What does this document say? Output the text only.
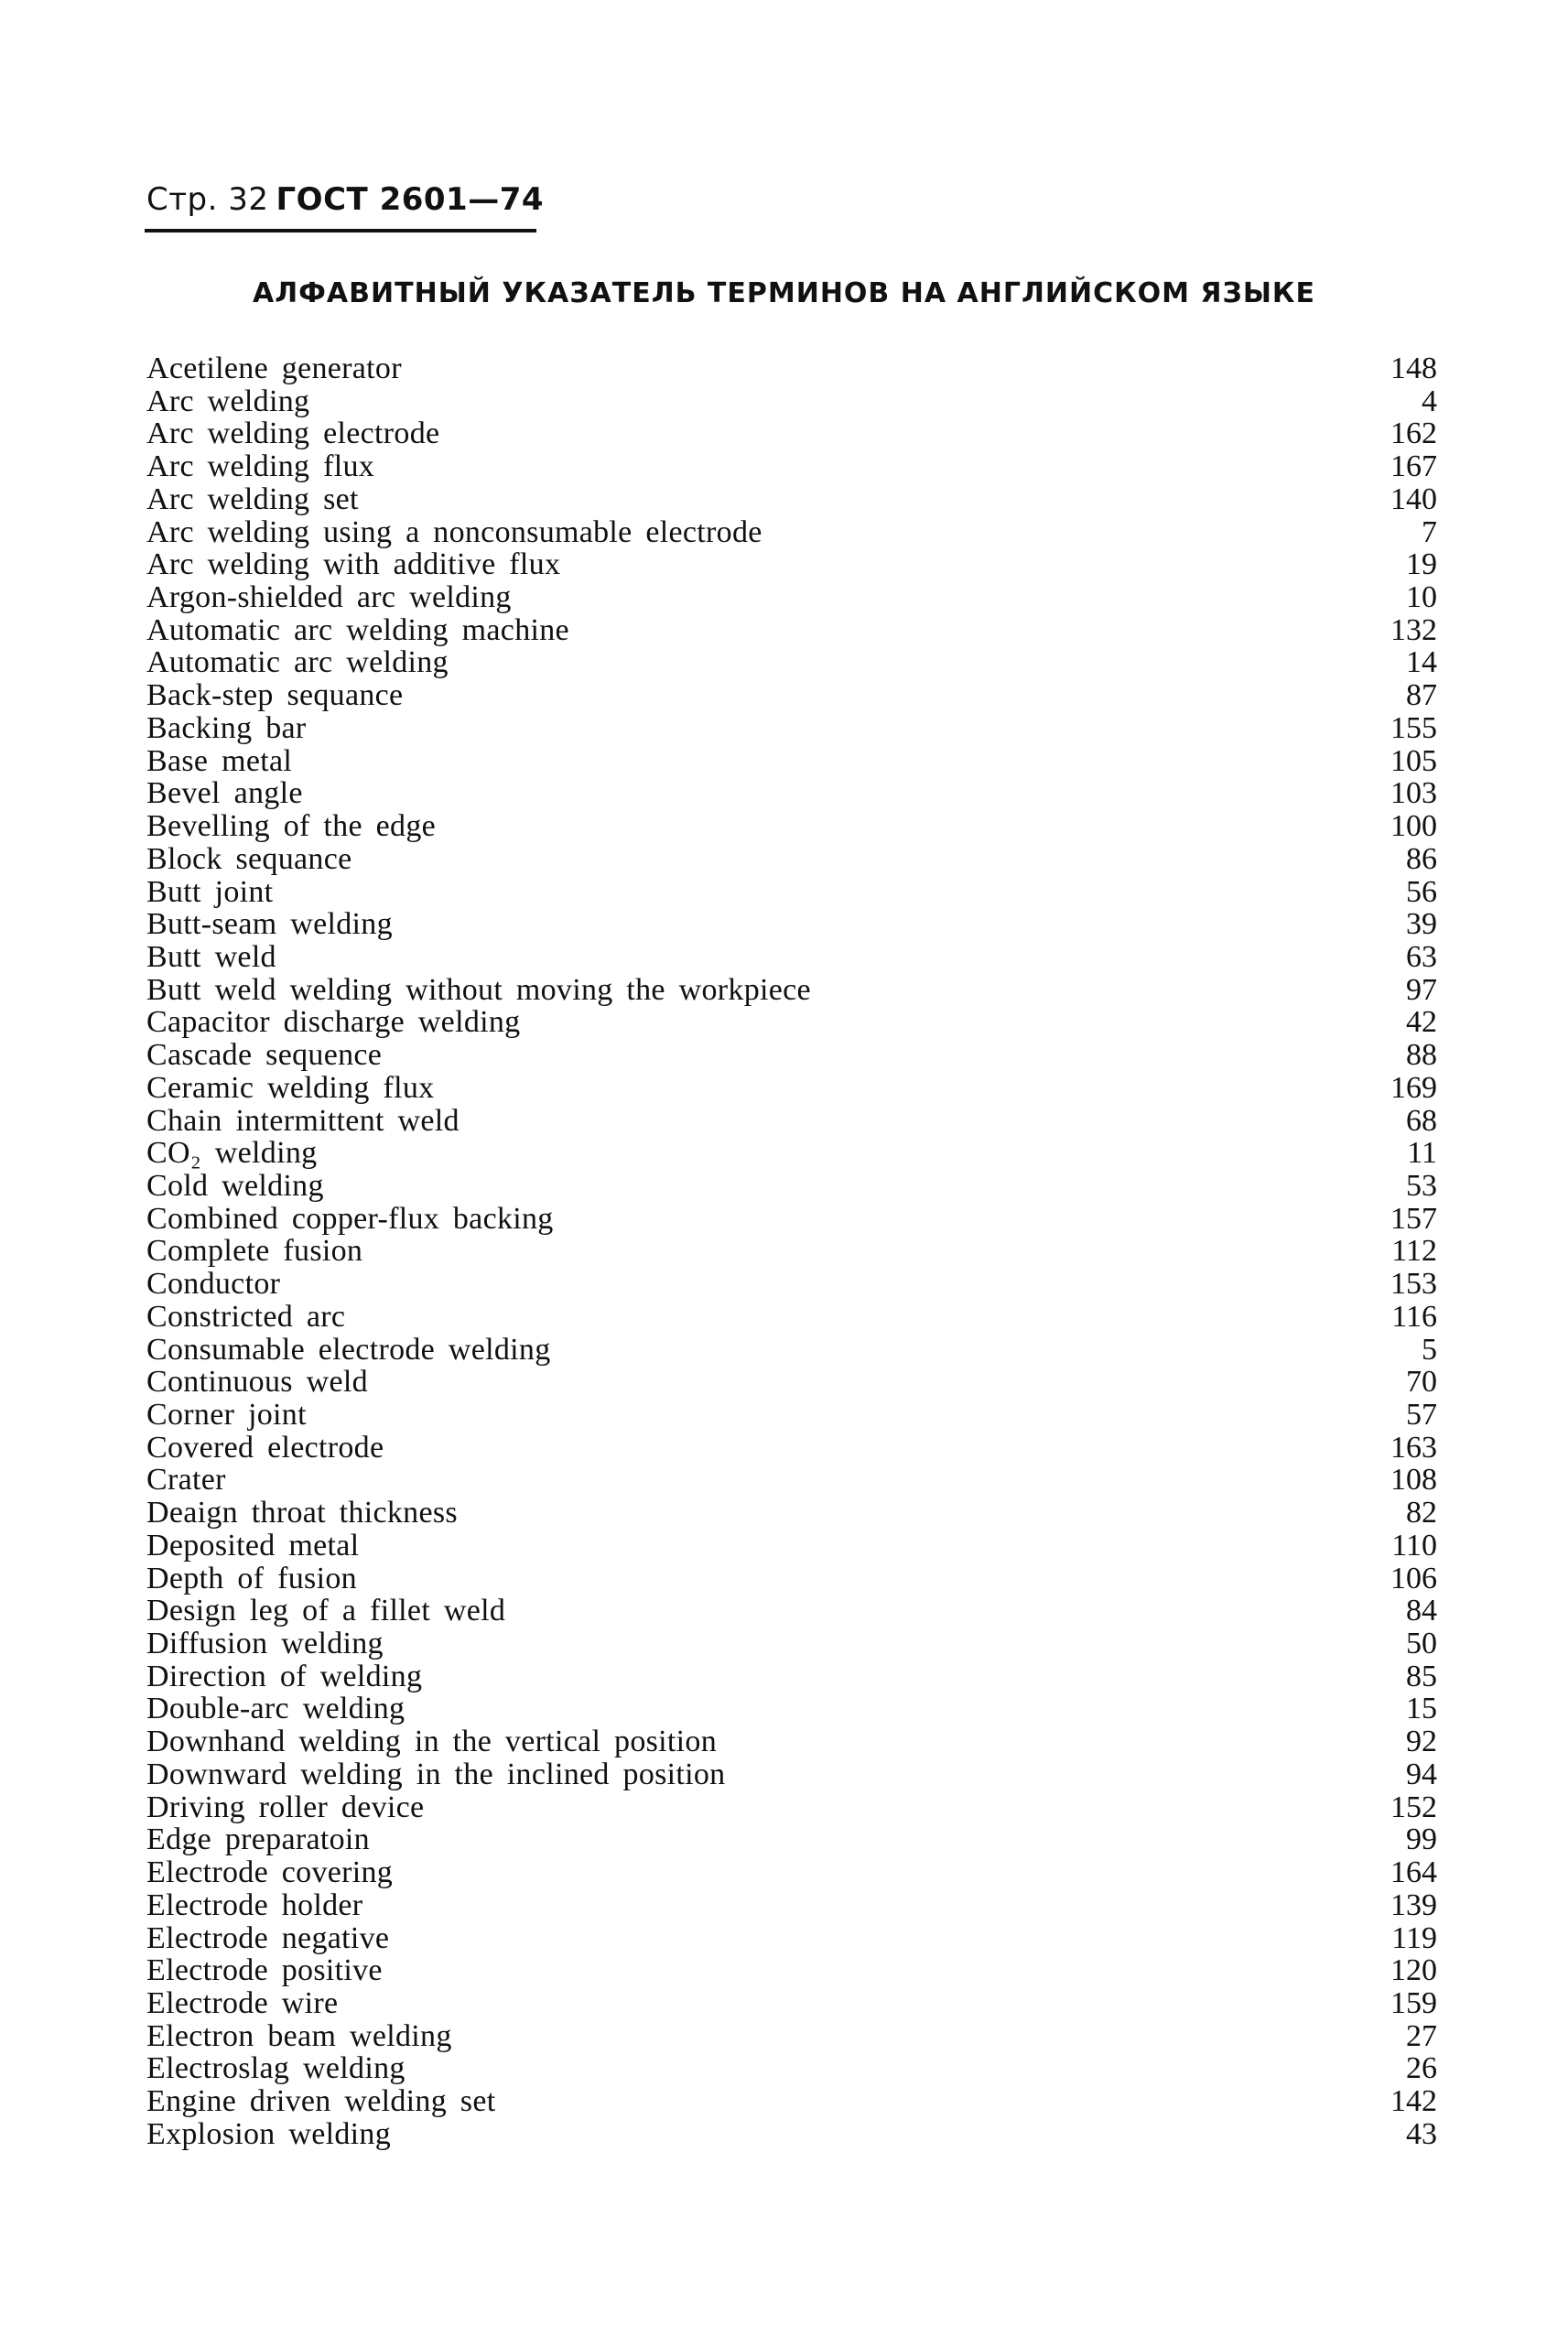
Стр. 32 ГОСТ 2601—74
АЛФАВИТНЫЙ УКАЗАТЕЛЬ ТЕРМИНОВ НА АНГЛИЙСКОМ ЯЗЫКЕ
Acetilene generator	148
Arc welding	4
Arc welding electrode	162
Arc welding flux	167
Arc welding set	140
Arc welding using a nonconsumable electrode	7
Arc welding with additive flux	19
Argon-shielded arc welding	10
Automatic arc welding machine	132
Automatic arc welding	14
Back-step sequance	87
Backing bar	155
Base metal	105
Bevel angle	103
Bevelling of the edge	100
Block sequance	86
Butt joint	56
Butt-seam welding	39
Butt weld	63
Butt weld welding without moving the workpiece	97
Capacitor discharge welding	42
Cascade sequence	88
Ceramic welding flux	169
Chain intermittent weld	68
CO₂ welding	11
Cold welding	53
Combined copper-flux backing	157
Complete fusion	112
Conductor	153
Constricted arc	116
Consumable electrode welding	5
Continuous weld	70
Corner joint	57
Covered electrode	163
Crater	108
Deaign throat thickness	82
Deposited metal	110
Depth of fusion	106
Design leg of a fillet weld	84
Diffusion welding	50
Direction of welding	85
Double-arc welding	15
Downhand welding in the vertical position	92
Downward welding in the inclined position	94
Driving roller device	152
Edge preparatoin	99
Electrode covering	164
Electrode holder	139
Electrode negative	119
Electrode positive	120
Electrode wire	159
Electron beam welding	27
Electroslag welding	26
Engine driven welding set	142
Explosion welding	43
